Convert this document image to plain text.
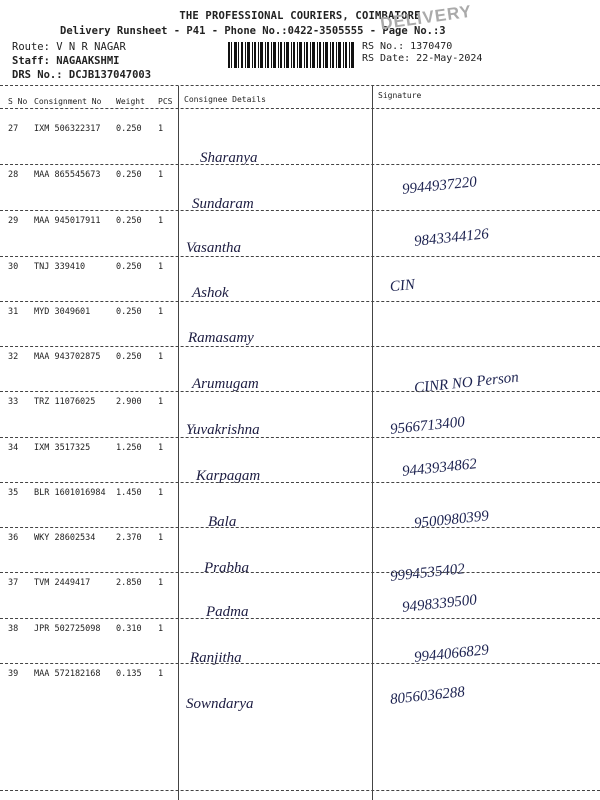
THE PROFESSIONAL COURIERS, COIMBATORE
Delivery Runsheet - P41 - Phone No.:0422-3505555 - Page No.:3
DELIVERY
Route: V N R NAGAR
Staff: NAGAAKSHMI
DRS No.: DCJB137047003
RS No.: 1370470
RS Date: 22-May-2024
S No Consignment No Weight PCS Consignee Details	Signature
27 IXM 506322317 0.250 1
Sharanya
28 MAA 865545673 0.250 1
Sundaram
9944937220
29 MAA 945017911 0.250 1
Vasantha	9843344126
30 TNJ 339410	0.250 1
Ashok	CIN
31 MYD 3049601	0.250 1
Ramasamy
32 MAA 943702875 0.250 1
Arumugam	CINR NO Person
33 TRZ 11076025 2.900 1
Yuvakrishna	9566713400
34 IXM 3517325	1.250 1
Karpagam	9443934862
35 BLR 1601016984 1.450 1
Bala	9500980399
36 WKY 28602534 2.370 1
Prabha	9994535402
37 TVM 2449417	2.850 1
Padma	9498339500
38 JPR 502725098 0.310 1
Ranjitha	9944066829
39 MAA 572182168 0.135 1
Sowndarya	8056036288
